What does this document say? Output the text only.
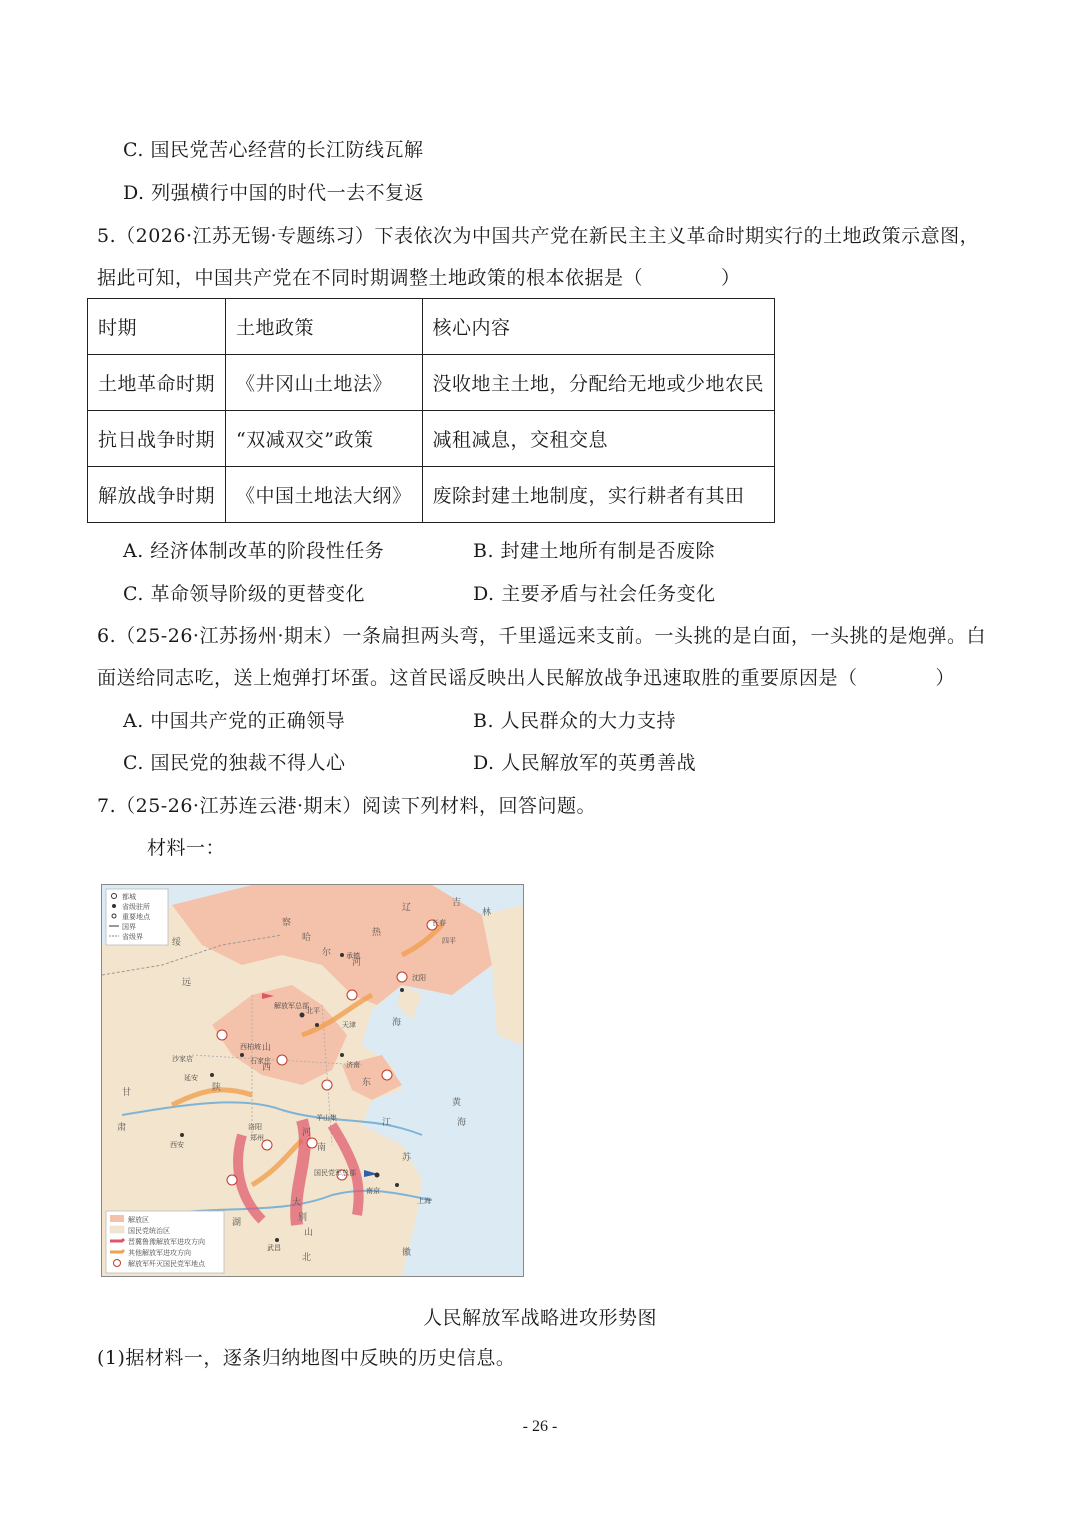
C. 国民党苦心经营的长江防线瓦解
D. 列强横行中国的时代一去不复返
5.（2026·江苏无锡·专题练习）下表依次为中国共产党在新民主主义革命时期实行的土地政策示意图，
据此可知，中国共产党在不同时期调整土地政策的根本依据是（　　　　）
时期	土地政策	核心内容
土地革命时期	《井冈山土地法》	没收地主土地，分配给无地或少地农民
抗日战争时期	“双减双交”政策	减租减息，交租交息
解放战争时期	《中国土地法大纲》	废除封建土地制度，实行耕者有其田
A. 经济体制改革的阶段性任务	B. 封建土地所有制是否废除
C. 革命领导阶级的更替变化	D. 主要矛盾与社会任务变化
6.（25-26·江苏扬州·期末）一条扁担两头弯，千里遥远来支前。一头挑的是白面，一头挑的是炮弹。白
面送给同志吃，送上炮弹打坏蛋。这首民谣反映出人民解放战争迅速取胜的重要原因是（　　　　）
A. 中国共产党的正确领导	B. 人民群众的大力支持
C. 国民党的独裁不得人心	D. 人民解放军的英勇善战
7.（25-26·江苏连云港·期末）阅读下列材料，回答问题。
材料一：
都城
省级驻所
重要地点
国界
省级界
解放区
国民党统治区
晋冀鲁豫解放军进攻方向
其他解放军进攻方向
解放军歼灭国民党军地点
察
哈
尔
热
河
辽	吉
林
长春
四平
沈阳
承德
绥
远
北平
天津
山
西
陕
甘
肃	河
南
湖
北	徽
江
苏
东
海
黄
海
大
别
山
南京
上海
西安
武昌
济南
石家庄
西柏坡
延安
沙家店
羊山集
郑州
洛阳
解放军总部
国民党军总部
人民解放军战略进攻形势图
(1)据材料一，逐条归纳地图中反映的历史信息。
- 26 -
